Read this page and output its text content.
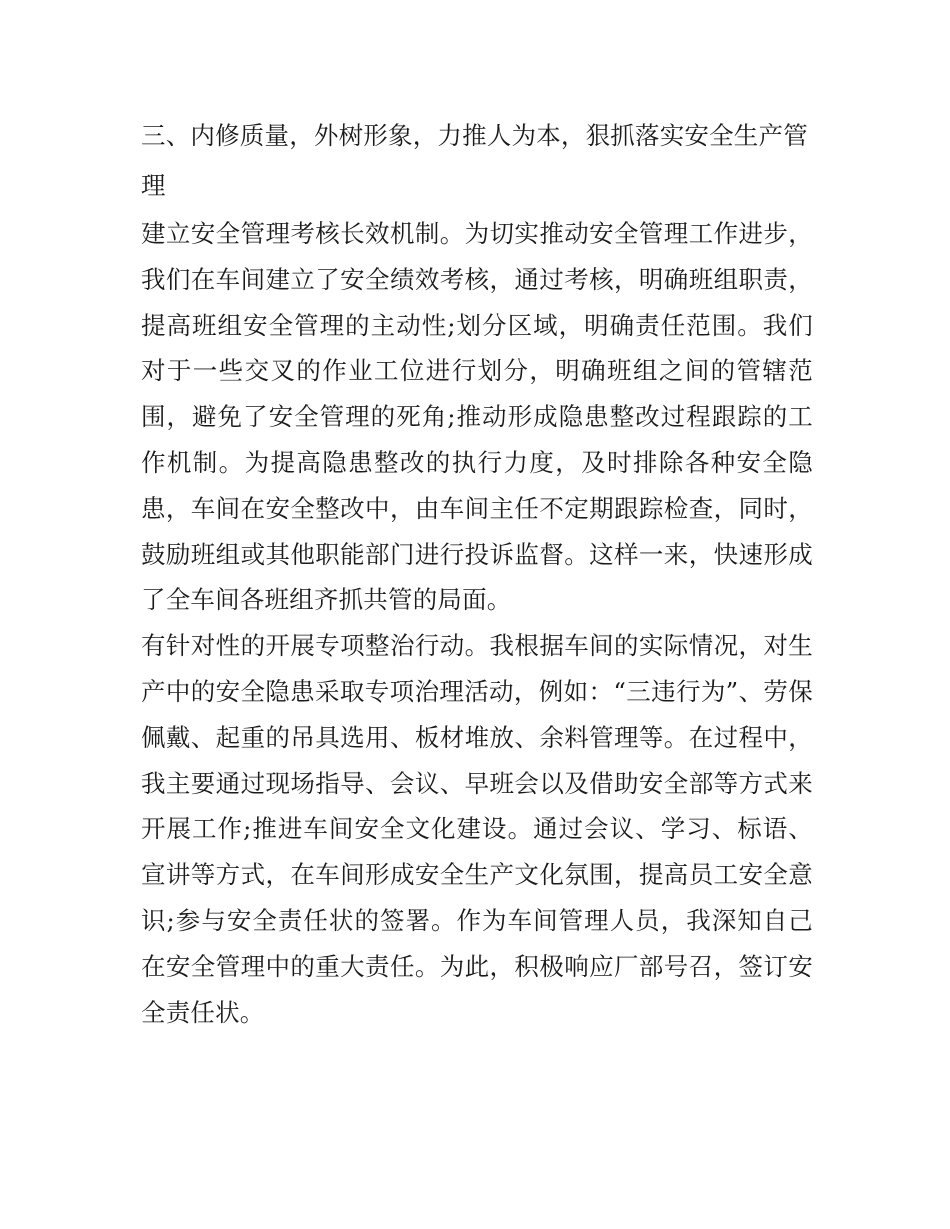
三、内修质量，外树形象，力推人为本，狠抓落实安全生产管理

建立安全管理考核长效机制。为切实推动安全管理工作进步，我们在车间建立了安全绩效考核，通过考核，明确班组职责，提高班组安全管理的主动性;划分区域，明确责任范围。我们对于一些交叉的作业工位进行划分，明确班组之间的管辖范围，避免了安全管理的死角;推动形成隐患整改过程跟踪的工作机制。为提高隐患整改的执行力度，及时排除各种安全隐患，车间在安全整改中，由车间主任不定期跟踪检查，同时，鼓励班组或其他职能部门进行投诉监督。这样一来，快速形成了全车间各班组齐抓共管的局面。

有针对性的开展专项整治行动。我根据车间的实际情况，对生产中的安全隐患采取专项治理活动，例如：“三违行为”、劳保佩戴、起重的吊具选用、板材堆放、余料管理等。在过程中，我主要通过现场指导、会议、早班会以及借助安全部等方式来开展工作;推进车间安全文化建设。通过会议、学习、标语、宣讲等方式，在车间形成安全生产文化氛围，提高员工安全意识;参与安全责任状的签署。作为车间管理人员，我深知自己在安全管理中的重大责任。为此，积极响应厂部号召，签订安全责任状。
